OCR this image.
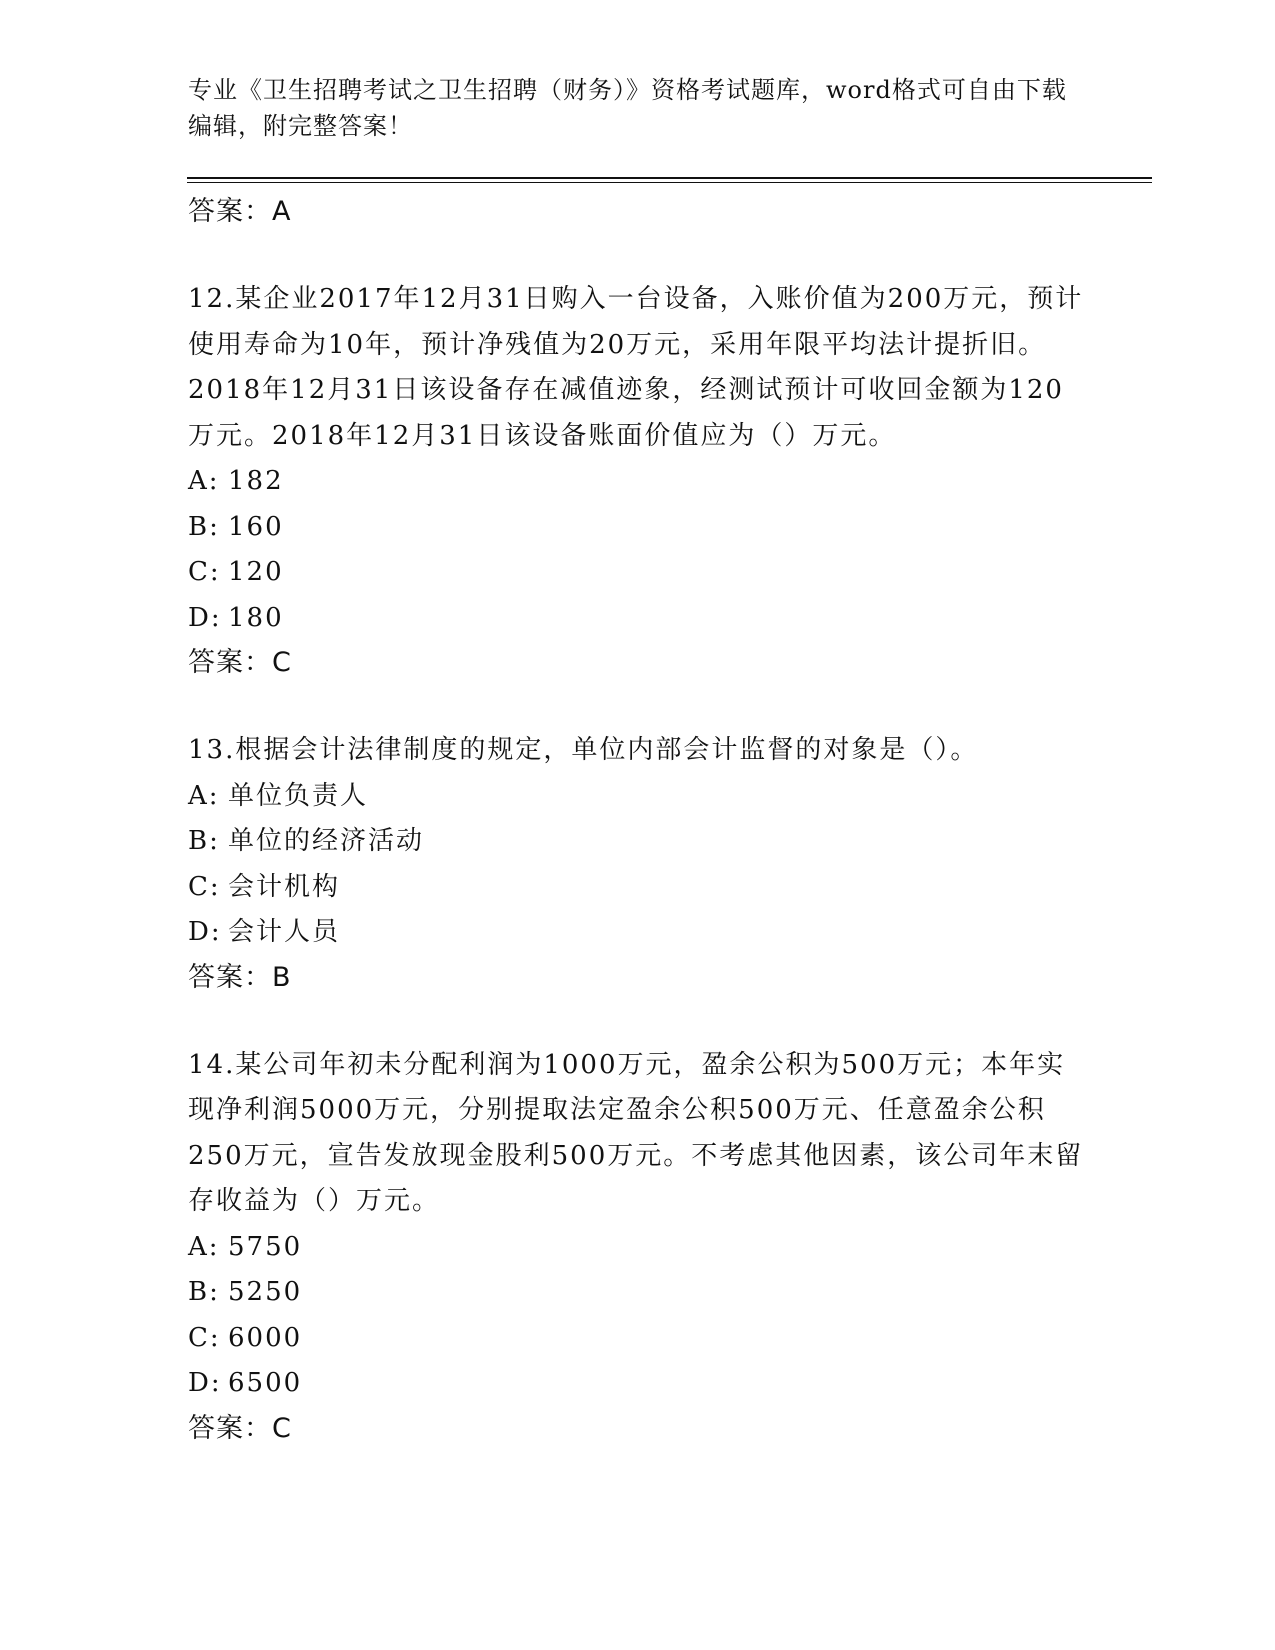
专业《卫生招聘考试之卫生招聘（财务）》资格考试题库，word格式可自由下载编辑，附完整答案！
答案：A
12.某企业2017年12月31日购入一台设备，入账价值为200万元，预计使用寿命为10年，预计净残值为20万元，采用年限平均法计提折旧。2018年12月31日该设备存在减值迹象，经测试预计可收回金额为120万元。2018年12月31日该设备账面价值应为（）万元。
A: 182
B: 160
C: 120
D: 180
答案：C
13.根据会计法律制度的规定，单位内部会计监督的对象是（）。
A: 单位负责人
B: 单位的经济活动
C: 会计机构
D: 会计人员
答案：B
14.某公司年初未分配利润为1000万元，盈余公积为500万元；本年实现净利润5000万元，分别提取法定盈余公积500万元、任意盈余公积250万元，宣告发放现金股利500万元。不考虑其他因素，该公司年末留存收益为（）万元。
A: 5750
B: 5250
C: 6000
D: 6500
答案：C
